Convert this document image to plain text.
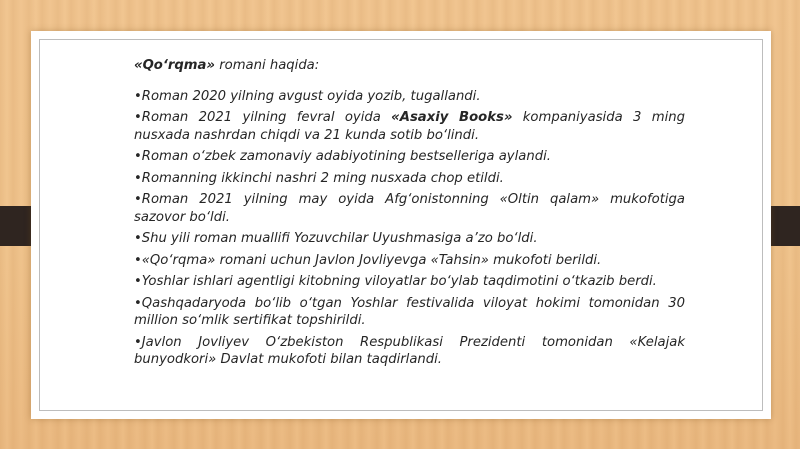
«Qo‘rqma» romani haqida:

•Roman 2020 yilning avgust oyida yozib, tugallandi.
•Roman 2021 yilning fevral oyida «Asaxiy Books» kompaniyasida 3 ming nusxada nashrdan chiqdi va 21 kunda sotib bo‘lindi.
•Roman o‘zbek zamonaviy adabiyotining bestselleriga aylandi.
•Romanning ikkinchi nashri 2 ming nusxada chop etildi.
•Roman 2021 yilning may oyida Afg‘onistonning «Oltin qalam» mukofotiga sazovor bo‘ldi.
•Shu yili roman muallifi Yozuvchilar Uyushmasiga a’zo bo‘ldi.
•«Qo‘rqma» romani uchun Javlon Jovliyevga «Tahsin» mukofoti berildi.
•Yoshlar ishlari agentligi kitobning viloyatlar bo‘ylab taqdimotini o‘tkazib berdi.
•Qashqadaryoda bo‘lib o‘tgan Yoshlar festivalida viloyat hokimi tomonidan 30 million so‘mlik sertifikat topshirildi.
•Javlon Jovliyev O‘zbekiston Respublikasi Prezidenti tomonidan «Kelajak bunyodkori» Davlat mukofoti bilan taqdirlandi.
